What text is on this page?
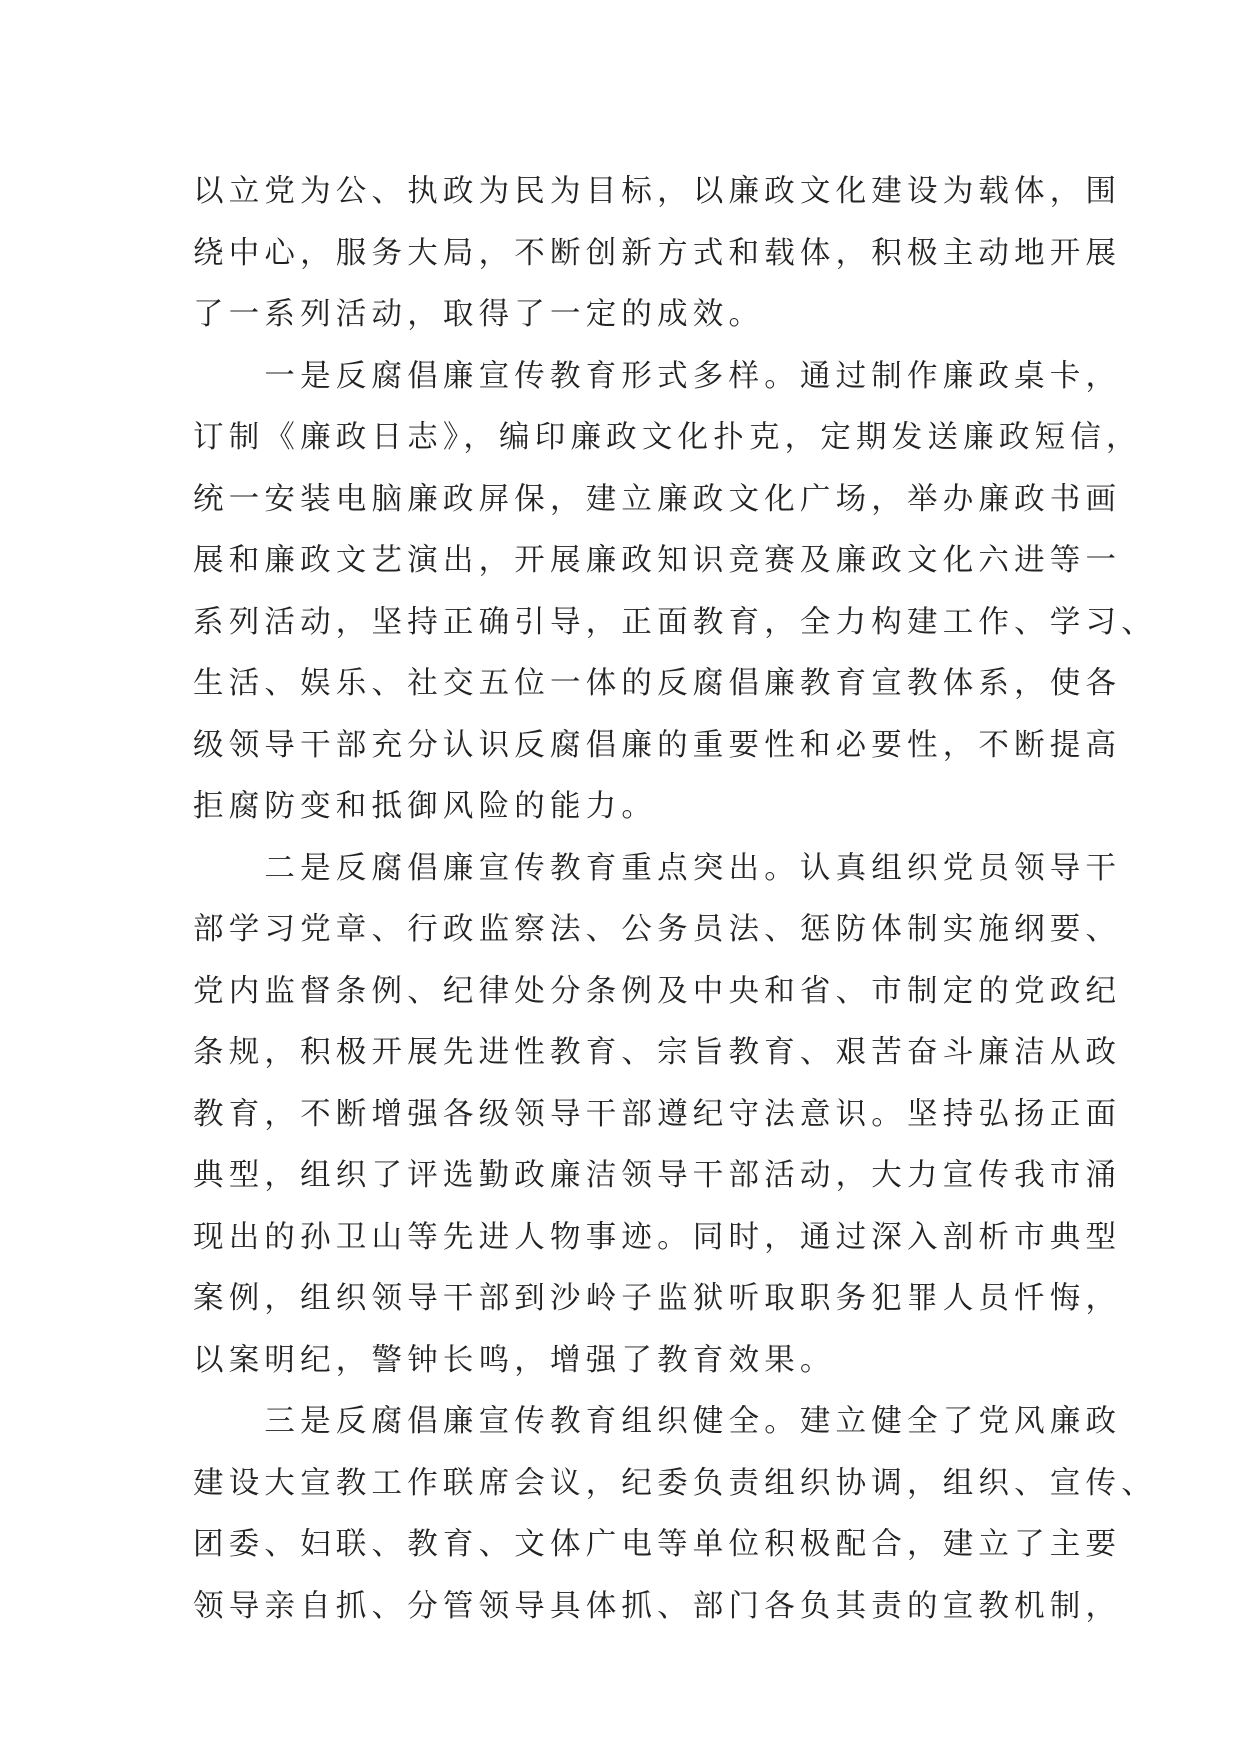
以立党为公、执政为民为目标，以廉政文化建设为载体，围
绕中心，服务大局，不断创新方式和载体，积极主动地开展
了一系列活动，取得了一定的成效。
　　一是反腐倡廉宣传教育形式多样。通过制作廉政桌卡，
订制《廉政日志》，编印廉政文化扑克，定期发送廉政短信，
统一安装电脑廉政屏保，建立廉政文化广场，举办廉政书画
展和廉政文艺演出，开展廉政知识竞赛及廉政文化六进等一
系列活动，坚持正确引导，正面教育，全力构建工作、学习、
生活、娱乐、社交五位一体的反腐倡廉教育宣教体系，使各
级领导干部充分认识反腐倡廉的重要性和必要性，不断提高
拒腐防变和抵御风险的能力。
　　二是反腐倡廉宣传教育重点突出。认真组织党员领导干
部学习党章、行政监察法、公务员法、惩防体制实施纲要、
党内监督条例、纪律处分条例及中央和省、市制定的党政纪
条规，积极开展先进性教育、宗旨教育、艰苦奋斗廉洁从政
教育，不断增强各级领导干部遵纪守法意识。坚持弘扬正面
典型，组织了评选勤政廉洁领导干部活动，大力宣传我市涌
现出的孙卫山等先进人物事迹。同时，通过深入剖析市典型
案例，组织领导干部到沙岭子监狱听取职务犯罪人员忏悔，
以案明纪，警钟长鸣，增强了教育效果。
　　三是反腐倡廉宣传教育组织健全。建立健全了党风廉政
建设大宣教工作联席会议，纪委负责组织协调，组织、宣传、
团委、妇联、教育、文体广电等单位积极配合，建立了主要
领导亲自抓、分管领导具体抓、部门各负其责的宣教机制，
